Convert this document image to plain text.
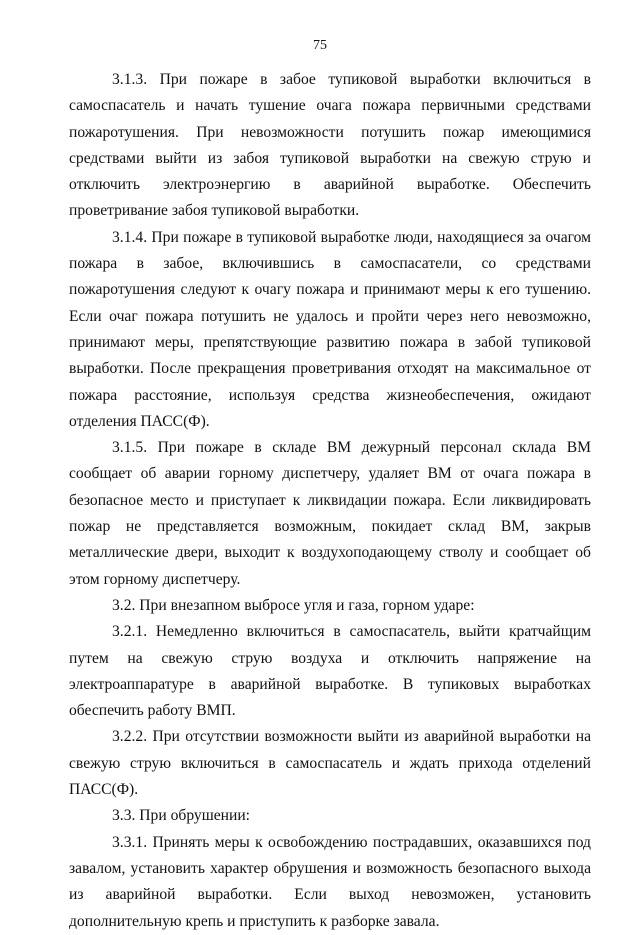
75

3.1.3. При пожаре в забое тупиковой выработки включиться в самоспасатель и начать тушение очага пожара первичными средствами пожаротушения. При невозможности потушить пожар имеющимися средствами выйти из забоя тупиковой выработки на свежую струю и отключить электроэнергию в аварийной выработке. Обеспечить проветривание забоя тупиковой выработки.

3.1.4. При пожаре в тупиковой выработке люди, находящиеся за очагом пожара в забое, включившись в самоспасатели, со средствами пожаротушения следуют к очагу пожара и принимают меры к его тушению. Если очаг пожара потушить не удалось и пройти через него невозможно, принимают меры, препятствующие развитию пожара в забой тупиковой выработки. После прекращения проветривания отходят на максимальное от пожара расстояние, используя средства жизнеобеспечения, ожидают отделения ПАСС(Ф).

3.1.5. При пожаре в складе ВМ дежурный персонал склада ВМ сообщает об аварии горному диспетчеру, удаляет ВМ от очага пожара в безопасное место и приступает к ликвидации пожара. Если ликвидировать пожар не представляется возможным, покидает склад ВМ, закрыв металлические двери, выходит к воздухоподающему стволу и сообщает об этом горному диспетчеру.

3.2. При внезапном выбросе угля и газа, горном ударе:

3.2.1. Немедленно включиться в самоспасатель, выйти кратчайщим путем на свежую струю воздуха и отключить напряжение на электроаппаратуре в аварийной выработке. В тупиковых выработках обеспечить работу ВМП.

3.2.2. При отсутствии возможности выйти из аварийной выработки на свежую струю включиться в самоспасатель и ждать прихода отделений ПАСС(Ф).

3.3. При обрушении:

3.3.1. Принять меры к освобождению пострадавших, оказавшихся под завалом, установить характер обрушения и возможность безопасного выхода из аварийной выработки. Если выход невозможен, установить дополнительную крепь и приступить к разборке завала.
